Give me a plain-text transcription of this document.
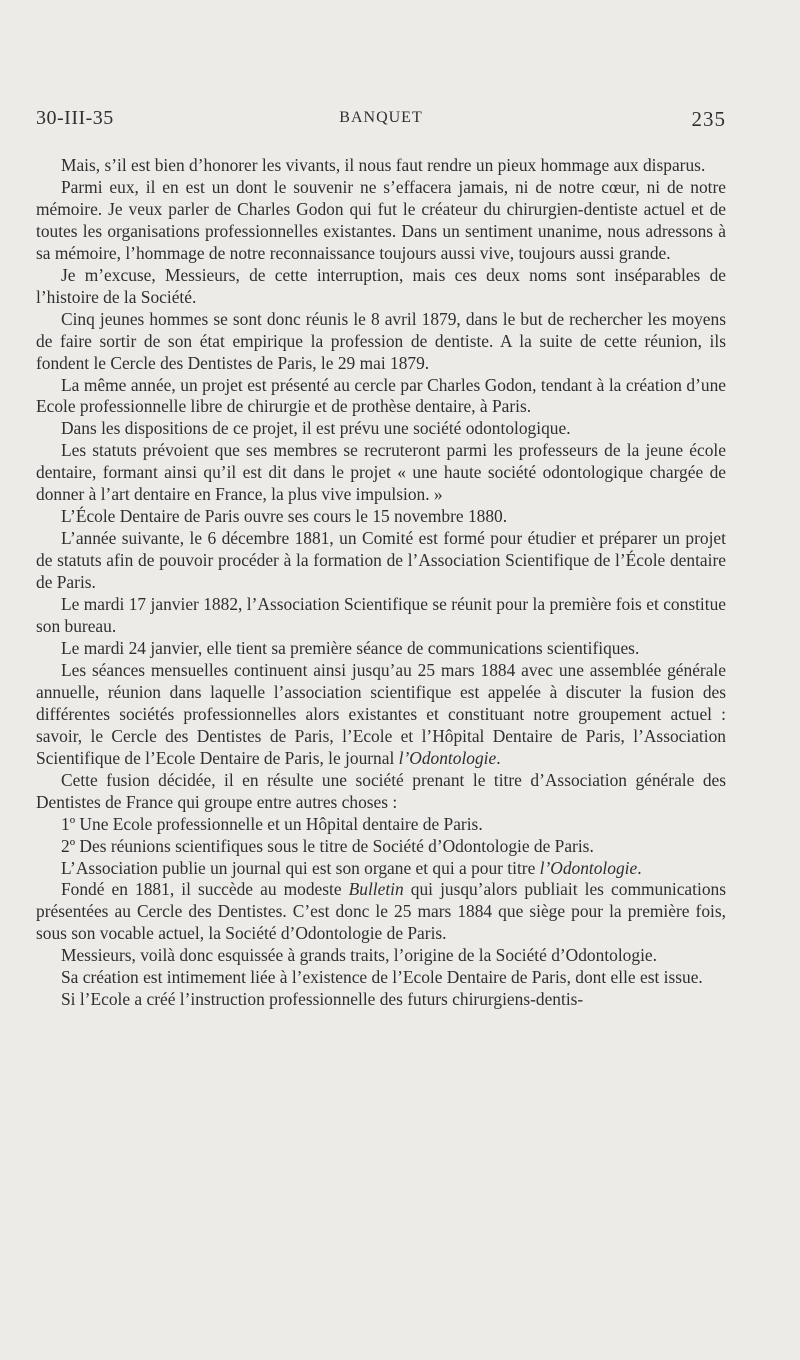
30-III-35	BANQUET	235

Mais, s’il est bien d’honorer les vivants, il nous faut rendre un pieux hommage aux disparus.

Parmi eux, il en est un dont le souvenir ne s’effacera jamais, ni de notre cœur, ni de notre mémoire. Je veux parler de Charles Godon qui fut le créateur du chirurgien-dentiste actuel et de toutes les organisations professionnelles existantes. Dans un sentiment unanime, nous adressons à sa mémoire, l’hommage de notre reconnaissance toujours aussi vive, toujours aussi grande.

Je m’excuse, Messieurs, de cette interruption, mais ces deux noms sont inséparables de l’histoire de la Société.

Cinq jeunes hommes se sont donc réunis le 8 avril 1879, dans le but de rechercher les moyens de faire sortir de son état empirique la profession de dentiste. A la suite de cette réunion, ils fondent le Cercle des Dentistes de Paris, le 29 mai 1879.

La même année, un projet est présenté au cercle par Charles Godon, tendant à la création d’une Ecole professionnelle libre de chirurgie et de prothèse dentaire, à Paris.

Dans les dispositions de ce projet, il est prévu une société odontologique.

Les statuts prévoient que ses membres se recruteront parmi les professeurs de la jeune école dentaire, formant ainsi qu’il est dit dans le projet « une haute société odontologique chargée de donner à l’art dentaire en France, la plus vive impulsion. »

L’École Dentaire de Paris ouvre ses cours le 15 novembre 1880.

L’année suivante, le 6 décembre 1881, un Comité est formé pour étudier et préparer un projet de statuts afin de pouvoir procéder à la formation de l’Association Scientifique de l’École dentaire de Paris.

Le mardi 17 janvier 1882, l’Association Scientifique se réunit pour la première fois et constitue son bureau.

Le mardi 24 janvier, elle tient sa première séance de communications scientifiques.

Les séances mensuelles continuent ainsi jusqu’au 25 mars 1884 avec une assemblée générale annuelle, réunion dans laquelle l’association scientifique est appelée à discuter la fusion des différentes sociétés professionnelles alors existantes et constituant notre groupement actuel : savoir, le Cercle des Dentistes de Paris, l’Ecole et l’Hôpital Dentaire de Paris, l’Association Scientifique de l’Ecole Dentaire de Paris, le journal l’Odontologie.

Cette fusion décidée, il en résulte une société prenant le titre d’Association générale des Dentistes de France qui groupe entre autres choses :

1º Une Ecole professionnelle et un Hôpital dentaire de Paris.

2º Des réunions scientifiques sous le titre de Société d’Odontologie de Paris.

L’Association publie un journal qui est son organe et qui a pour titre l’Odontologie.

Fondé en 1881, il succède au modeste Bulletin qui jusqu’alors publiait les communications présentées au Cercle des Dentistes. C’est donc le 25 mars 1884 que siège pour la première fois, sous son vocable actuel, la Société d’Odontologie de Paris.

Messieurs, voilà donc esquissée à grands traits, l’origine de la Société d’Odontologie.

Sa création est intimement liée à l’existence de l’Ecole Dentaire de Paris, dont elle est issue.

Si l’Ecole a créé l’instruction professionnelle des futurs chirurgiens-dentis-
